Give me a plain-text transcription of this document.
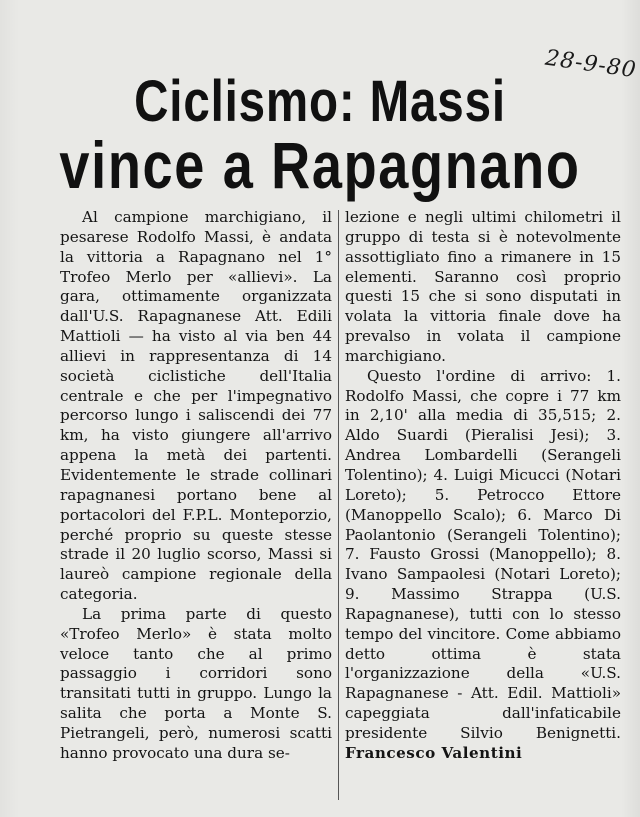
28-9-80
Ciclismo: Massi
vince a Rapagnano

Al campione marchigiano, il pesarese Rodolfo Massi, è andata la vittoria a Rapagnano nel 1° Trofeo Merlo per «allievi». La gara, ottimamente organizzata dall'U.S. Rapagnanese Att. Edili Mattioli — ha visto al via ben 44 allievi in rappresentanza di 14 società ciclistiche dell'Italia centrale e che per l'impegnativo percorso lungo i saliscendi dei 77 km, ha visto giungere all'arrivo appena la metà dei partenti. Evidentemente le strade collinari rapagnanesi portano bene al portacolori del F.P.L. Monteporzio, perché proprio su queste stesse strade il 20 luglio scorso, Massi si laureò campione regionale della categoria.

La prima parte di questo «Trofeo Merlo» è stata molto veloce tanto che al primo passaggio i corridori sono transitati tutti in gruppo. Lungo la salita che porta a Monte S. Pietrangeli, però, numerosi scatti hanno provocato una dura se-

lezione e negli ultimi chilometri il gruppo di testa si è notevolmente assottigliato fino a rimanere in 15 elementi. Saranno così proprio questi 15 che si sono disputati in volata la vittoria finale dove ha prevalso in volata il campione marchigiano.

Questo l'ordine di arrivo: 1. Rodolfo Massi, che copre i 77 km in 2,10' alla media di 35,515; 2. Aldo Suardi (Pieralisi Jesi); 3. Andrea Lombardelli (Serangeli Tolentino); 4. Luigi Micucci (Notari Loreto); 5. Petrocco Ettore (Manoppello Scalo); 6. Marco Di Paolantonio (Serangeli Tolentino); 7. Fausto Grossi (Manoppello); 8. Ivano Sampaolesi (Notari Loreto); 9. Massimo Strappa (U.S. Rapagnanese), tutti con lo stesso tempo del vincitore. Come abbiamo detto ottima è stata l'organizzazione della «U.S. Rapagnanese - Att. Edil. Mattioli» capeggiata dall'infaticabile presidente Silvio Benignetti. Francesco Valentini
